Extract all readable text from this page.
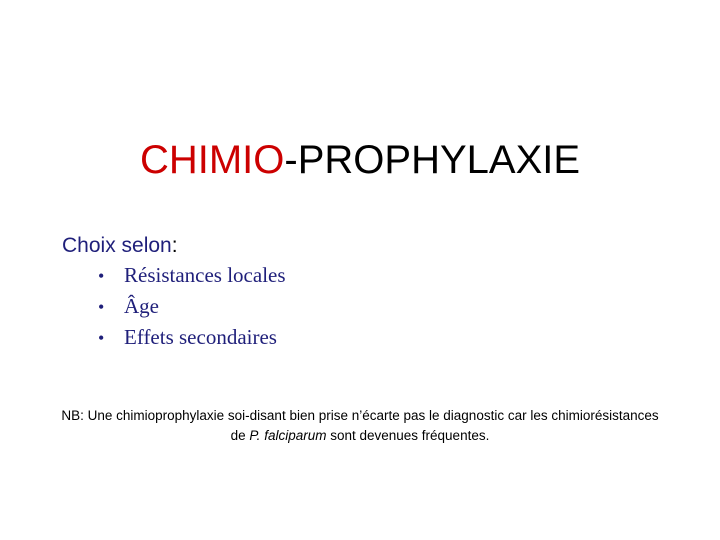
CHIMIO-PROPHYLAXIE
Choix selon:
• Résistances locales
• Âge
• Effets secondaires
NB: Une chimioprophylaxie soi-disant bien prise n’écarte pas le diagnostic car les chimiorésistances
de P. falciparum sont devenues fréquentes.
